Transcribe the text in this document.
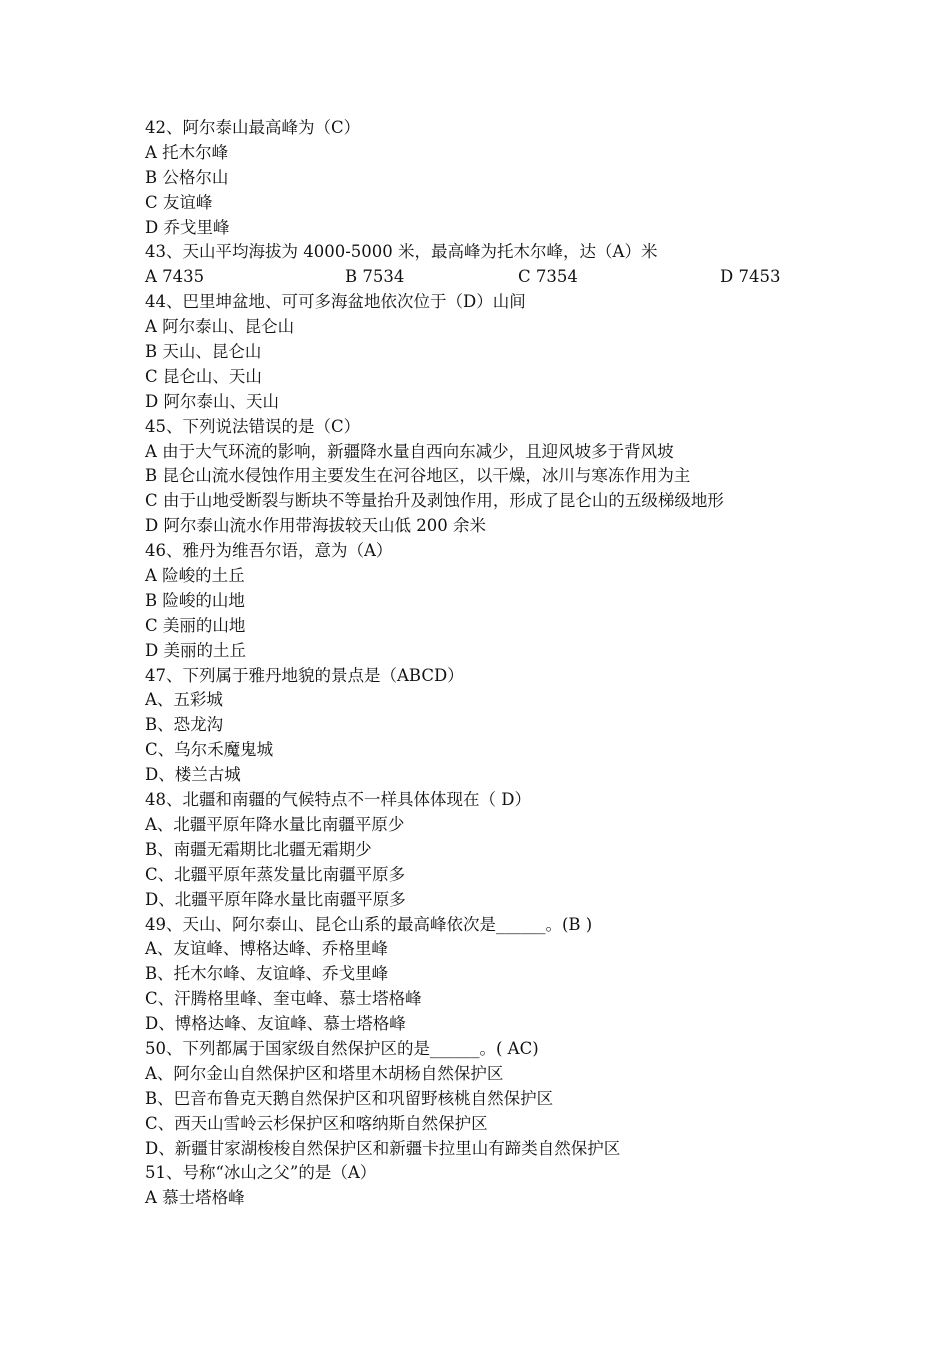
42、阿尔泰山最高峰为（C）
A 托木尔峰
B 公格尔山
C 友谊峰
D 乔戈里峰
43、天山平均海拔为 4000-5000 米，最高峰为托木尔峰，达（A）米

A 7435

	B 7534

	C 7354

	D 7453

44、巴里坤盆地、可可多海盆地依次位于（D）山间
A 阿尔泰山、昆仑山
B 天山、昆仑山
C 昆仑山、天山
D 阿尔泰山、天山
45、下列说法错误的是（C）
A 由于大气环流的影响，新疆降水量自西向东减少，且迎风坡多于背风坡
B 昆仑山流水侵蚀作用主要发生在河谷地区，以干燥，冰川与寒冻作用为主
C 由于山地受断裂与断块不等量抬升及剥蚀作用，形成了昆仑山的五级梯级地形
D 阿尔泰山流水作用带海拔较天山低 200 余米
46、雅丹为维吾尔语，意为（A）
A 险峻的土丘
B 险峻的山地
C 美丽的山地
D 美丽的土丘
47、下列属于雅丹地貌的景点是（ABCD）
A、五彩城
B、恐龙沟
C、乌尔禾魔鬼城
D、楼兰古城
48、北疆和南疆的气候特点不一样具体体现在（ D）
A、北疆平原年降水量比南疆平原少
B、南疆无霜期比北疆无霜期少
C、北疆平原年蒸发量比南疆平原多
D、北疆平原年降水量比南疆平原多
49、天山、阿尔泰山、昆仑山系的最高峰依次是______。(B )
A、友谊峰、博格达峰、乔格里峰
B、托木尔峰、友谊峰、乔戈里峰
C、汗腾格里峰、奎屯峰、慕士塔格峰
D、博格达峰、友谊峰、慕士塔格峰
50、下列都属于国家级自然保护区的是______。( AC)
A、阿尔金山自然保护区和塔里木胡杨自然保护区
B、巴音布鲁克天鹅自然保护区和巩留野核桃自然保护区
C、西天山雪岭云杉保护区和喀纳斯自然保护区
D、新疆甘家湖梭梭自然保护区和新疆卡拉里山有蹄类自然保护区
51、号称“冰山之父”的是（A）
A 慕士塔格峰
